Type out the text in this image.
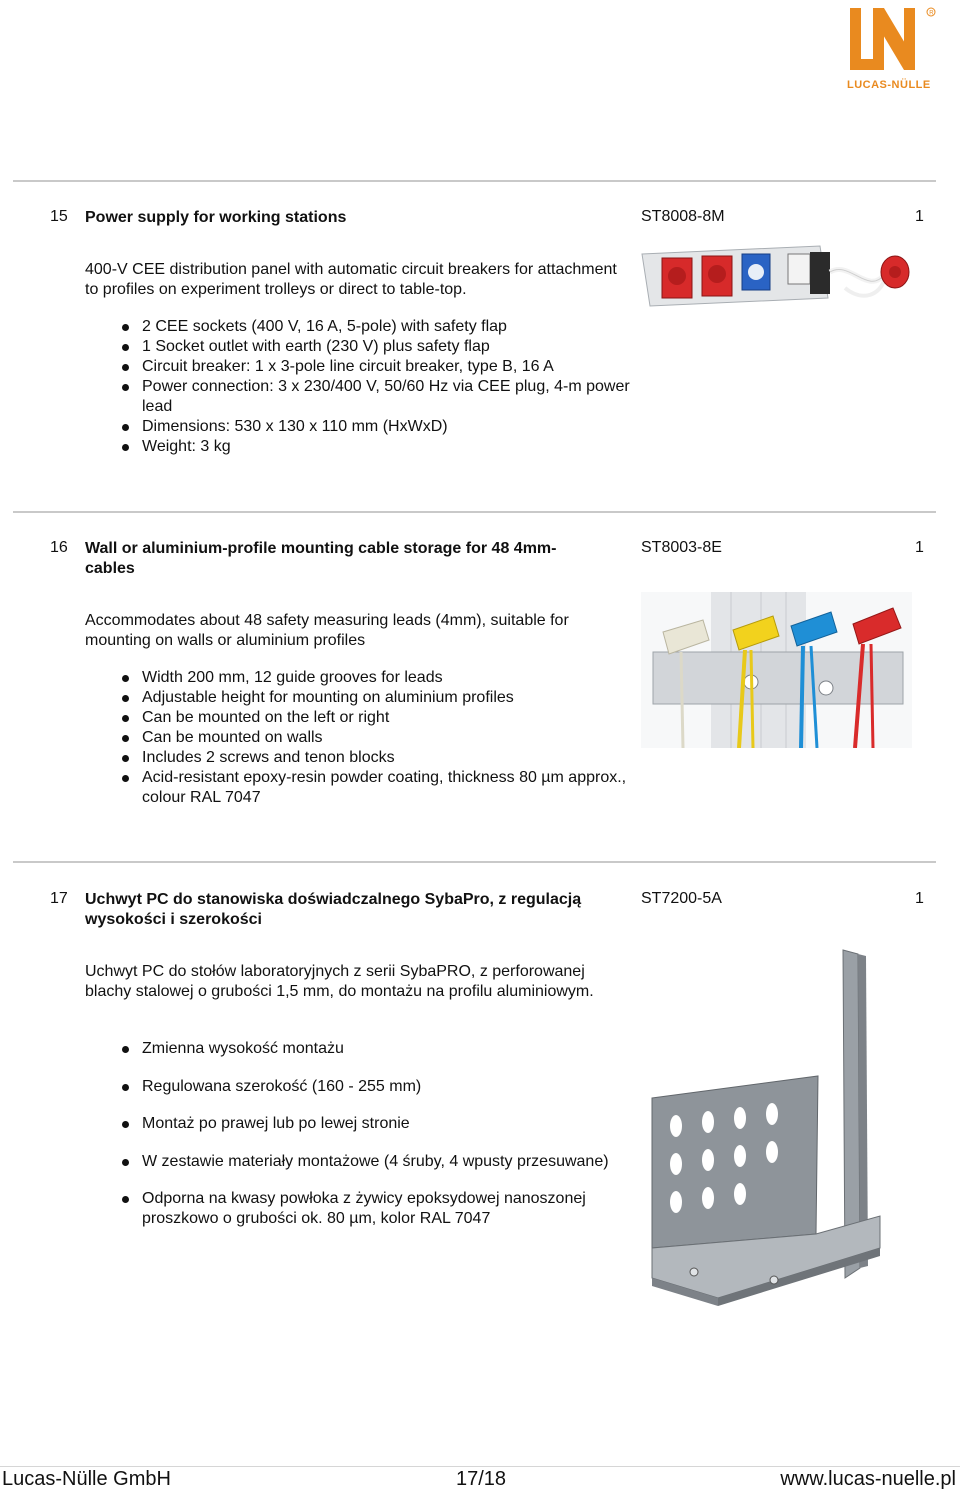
R
LUCAS-NÜLLE
15 Power supply for working stations	ST8008-8M	1
400-V CEE distribution panel with automatic circuit breakers for attachment to profiles on experiment trolleys or direct to table-top.
2 CEE sockets (400 V, 16 A, 5-pole) with safety flap
1 Socket outlet with earth (230 V) plus safety flap
Circuit breaker: 1 x 3-pole line circuit breaker, type B, 16 A
Power connection: 3 x 230/400 V, 50/60 Hz via CEE plug, 4-m power lead
Dimensions: 530 x 130 x 110 mm (HxWxD)
Weight: 3 kg
16 Wall or aluminium-profile mounting cable storage for 48 4mm-cables
ST8003-8E	1
Accommodates about 48 safety measuring leads (4mm), suitable for mounting on walls or aluminium profiles
Width 200 mm, 12 guide grooves for leads
Adjustable height for mounting on aluminium profiles
Can be mounted on the left or right
Can be mounted on walls
Includes 2 screws and tenon blocks
Acid-resistant epoxy-resin powder coating, thickness 80 µm approx., colour RAL 7047
17 Uchwyt PC do stanowiska doświadczalnego SybaPro, z regulacją wysokości i szerokości
ST7200-5A	1
Uchwyt PC do stołów laboratoryjnych z serii SybaPRO, z perforowanej blachy stalowej o grubości 1,5 mm, do montażu na profilu aluminiowym.
Zmienna wysokość montażu
Regulowana szerokość (160 - 255 mm)
Montaż po prawej lub po lewej stronie
W zestawie materiały montażowe (4 śruby, 4 wpusty przesuwane)
Odporna na kwasy powłoka z żywicy epoksydowej nanoszonej proszkowo o grubości ok. 80 µm, kolor RAL 7047
Lucas-Nülle GmbH	17/18	www.lucas-nuelle.pl
